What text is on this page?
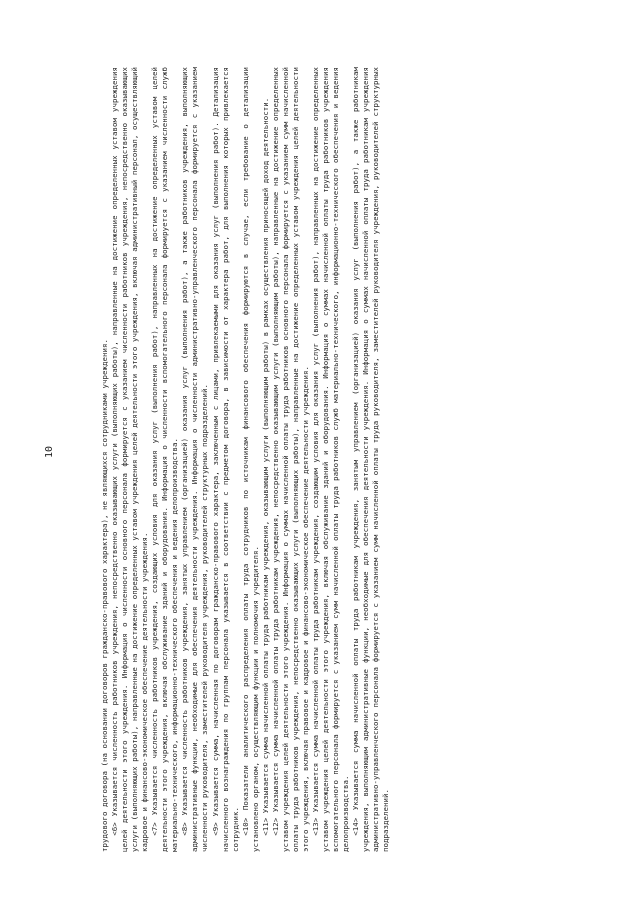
10	трудового договора (на основании договоров гражданско-правового характера), не являющихся сотрудниками учреждения. <6> Указывается численность работников учреждения, непосредственно оказывающих услуги (выполняющих работы), направленные на достижение определенных уставом учреждения целей деятельности этого учреждения. Информация о численности основного персонала формируется с указанием численности работников учреждения, непосредственно оказывающих услуги (выполняющих работы), направленные на достижение определенных уставом учреждения целей деятельности этого учреждения, включая административный персонал, осуществляющий кадровое и финансово-экономическое обеспечение деятельности учреждения. <7> Указывается численность работников учреждения, создающих условия для оказания услуг (выполнения работ), направленных на достижение определенных уставом целей деятельности этого учреждения, включая обслуживание зданий и оборудования. Информация о численности вспомогательного персонала формируется с указанием численности служб материально-технического, информационно-технического обеспечения и ведения делопроизводства. <8> Указывается численность работников учреждения, занятых управлением (организацией) оказания услуг (выполнения работ), а также работников учреждения, выполняющих административные функции, необходимые для обеспечения деятельности учреждения. Информация о численности административно-управленческого персонала формируется с указанием численности руководителя, заместителей руководителя учреждения, руководителей структурных подразделений. <9> Указывается сумма, начисленная по договорам гражданско-правового характера, заключенным с лицами, привлекаемыми для оказания услуг (выполнения работ). Детализация начисленного вознаграждения по группам персонала указывается в соответствии с предметом договора, в зависимости от характера работ, для выполнения которых привлекается сотрудник. <10> Показатели аналитического распределения оплаты труда сотрудников по источникам финансового обеспечения формируются в случае, если требование о детализации установлено органом, осуществляющим функции и полномочия учредителя. <11> Указывается сумма начисленной оплаты труда работникам учреждения, оказывающим услуги (выполняющим работы) в рамках осуществления приносящей доход деятельности. <12> Указывается сумма начисленной оплаты труда работникам учреждения, непосредственно оказывающим услуги (выполняющим работы), направленные на достижение определенных уставом учреждения целей деятельности этого учреждения. Информация о суммах начисленной оплаты труда работников основного персонала формируется с указанием сумм начисленной оплаты труда работников учреждения, непосредственно оказывающих услуги (выполняющих работы), направленные на достижение определенных уставом учреждения целей деятельности этого учреждения, включая правовое и кадровое и финансово-экономическое обеспечение деятельности учреждения. <13> Указывается сумма начисленной оплаты труда работникам учреждения, создающим условия для оказания услуг (выполнения работ), направленных на достижение определенных уставом учреждения целей деятельности этого учреждения, включая обслуживание зданий и оборудования. Информация о суммах начисленной оплаты труда работников учреждения вспомогательного персонала формируется с указанием сумм начисленной оплаты труда работников служб материально-технического, информационно-технического обеспечения и ведения делопроизводства. <14> Указывается сумма начисленной оплаты труда работникам учреждения, занятым управлением (организацией) оказания услуг (выполнения работ), а также работникам учреждения, выполняющим административные функции, необходимые для обеспечения деятельности учреждения. Информация о суммах начисленной оплаты труда работникам учреждения административно-управленческого персонала формируется с указанием сумм начисленной оплаты труда руководителя, заместителей руководителя учреждения, руководителей структурных подразделений.
